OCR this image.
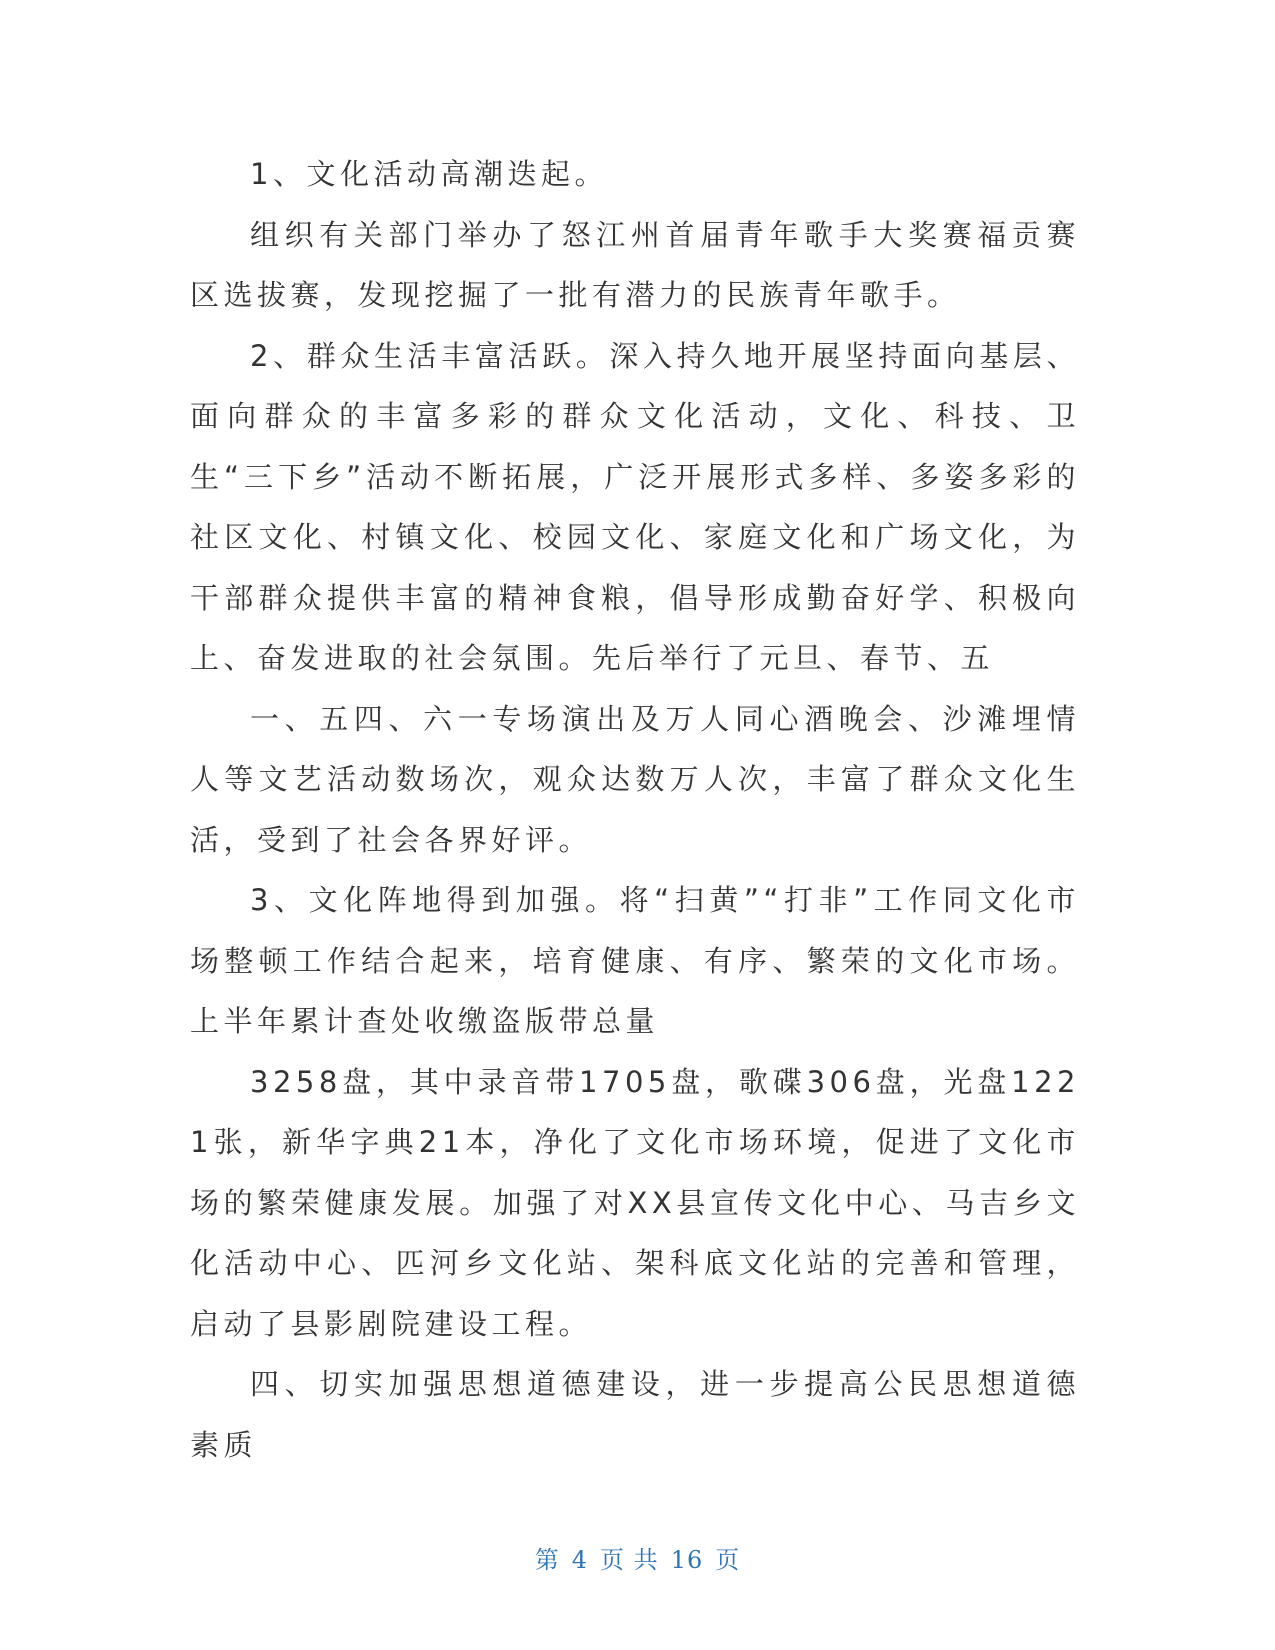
1、文化活动高潮迭起。

组织有关部门举办了怒江州首届青年歌手大奖赛福贡赛区选拔赛，发现挖掘了一批有潜力的民族青年歌手。

2、群众生活丰富活跃。深入持久地开展坚持面向基层、面向群众的丰富多彩的群众文化活动，文化、科技、卫生“三下乡”活动不断拓展，广泛开展形式多样、多姿多彩的社区文化、村镇文化、校园文化、家庭文化和广场文化，为干部群众提供丰富的精神食粮，倡导形成勤奋好学、积极向上、奋发进取的社会氛围。先后举行了元旦、春节、五

一、五四、六一专场演出及万人同心酒晚会、沙滩埋情人等文艺活动数场次，观众达数万人次，丰富了群众文化生活，受到了社会各界好评。

3、文化阵地得到加强。将“扫黄”“打非”工作同文化市场整顿工作结合起来，培育健康、有序、繁荣的文化市场。上半年累计查处收缴盗版带总量

3258盘，其中录音带1705盘，歌碟306盘，光盘1221张，新华字典21本，净化了文化市场环境，促进了文化市场的繁荣健康发展。加强了对XX县宣传文化中心、马吉乡文化活动中心、匹河乡文化站、架科底文化站的完善和管理，启动了县影剧院建设工程。

四、切实加强思想道德建设，进一步提高公民思想道德素质

第 4 页 共 16 页
